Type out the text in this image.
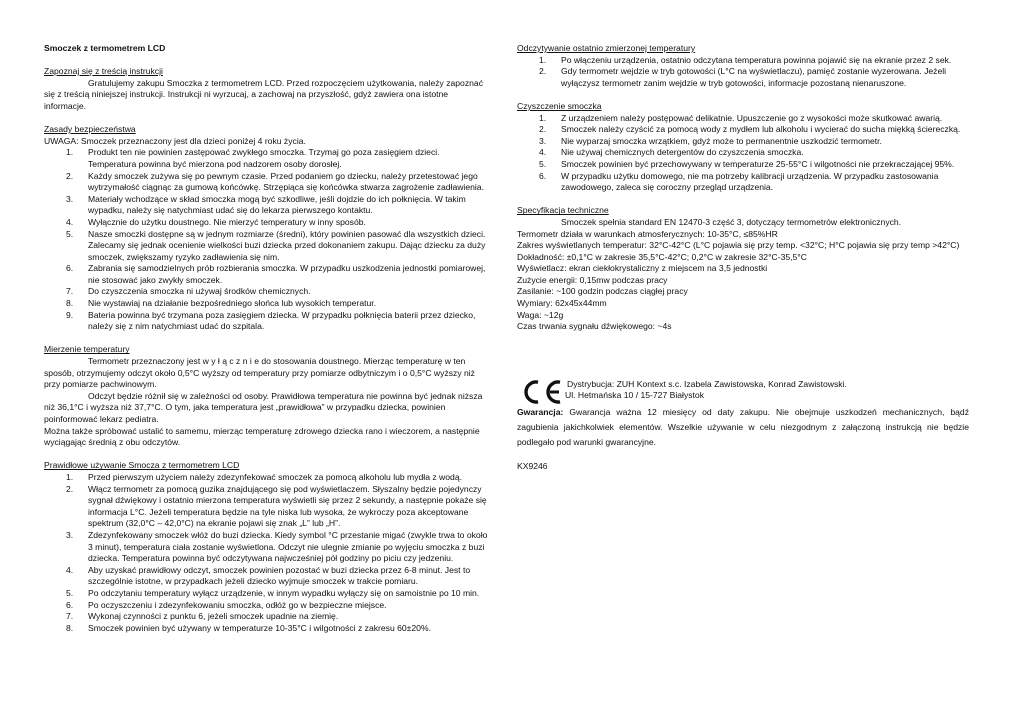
Smoczek z termometrem LCD

Zapoznaj się z treścią instrukcji

Gratulujemy zakupu Smoczka z termometrem LCD. Przed rozpoczęciem użytkowania, należy zapoznać się z treścią niniejszej instrukcji. Instrukcji ni wyrzucaj, a zachowaj na przyszłość, gdyż zawiera ona istotne informacje.

Zasady bezpieczeństwa

UWAGA: Smoczek przeznaczony jest dla dzieci poniżej 4 roku życia.

1. Produkt ten nie powinien zastępować zwykłego smoczka. Trzymaj go poza zasięgiem dzieci. Temperatura powinna być mierzona pod nadzorem osoby dorosłej.
2. Każdy smoczek zużywa się po pewnym czasie. Przed podaniem go dziecku, należy przetestować jego wytrzymałość ciągnąc za gumową końcówkę. Strzępiąca się końcówka stwarza zagrożenie zadławienia.
3. Materiały wchodzące w skład smoczka mogą być szkodliwe, jeśli dojdzie do ich połknięcia. W takim wypadku, należy się natychmiast udać się do lekarza pierwszego kontaktu.
4. Wyłącznie do użytku doustnego. Nie mierzyć temperatury w inny sposób.
5. Nasze smoczki dostępne są w jednym rozmiarze (średni), który powinien pasować dla wszystkich dzieci. Zalecamy się jednak ocenienie wielkości buzi dziecka przed dokonaniem zakupu. Dając dziecku za duży smoczek, zwiększamy ryzyko zadławienia się nim.
6. Zabrania się samodzielnych prób rozbierania smoczka. W przypadku uszkodzenia jednostki pomiarowej, nie stosować jako zwykły smoczek.
7. Do czyszczenia smoczka ni używaj środków chemicznych.
8. Nie wystawiaj na działanie bezpośredniego słońca lub wysokich temperatur.
9. Bateria powinna być trzymana poza zasięgiem dziecka. W przypadku połknięcia baterii przez dziecko, należy się z nim natychmiast udać do szpitala.

Mierzenie temperatury

Termometr przeznaczony jest w y ł ą c z n i e do stosowania doustnego. Mierząc temperaturę w ten sposób, otrzymujemy odczyt około 0,5°C wyższy od temperatury przy pomiarze odbytniczym i o 0,5°C wyższy niż przy pomiarze pachwinowym.

Odczyt będzie różnił się w zależności od osoby. Prawidłowa temperatura nie powinna być jednak niższa niż 36,1°C i wyższa niż 37,7°C. O tym, jaka temperatura jest „prawidłowa” w przypadku dziecka, powinien poinformować lekarz pediatra.

Można także spróbować ustalić to samemu, mierząc temperaturę zdrowego dziecka rano i wieczorem, a następnie wyciągając średnią z obu odczytów.

Prawidłowe używanie Smocza z termometrem LCD

1. Przed pierwszym użyciem należy zdezynfekować smoczek za pomocą alkoholu lub mydła z wodą.
2. Włącz termometr za pomocą guzika znajdującego się pod wyświetlaczem. Słyszalny będzie pojedynczy sygnał dźwiękowy i ostatnio mierzona temperatura wyświetli się przez 2 sekundy, a następnie pokaże się informacja L°C. Jeżeli temperatura będzie na tyle niska lub wysoka, że wykroczy poza akceptowane spektrum (32,0°C – 42,0°C) na ekranie pojawi się znak „L” lub „H”.
3. Zdezynfekowany smoczek włóż do buzi dziecka. Kiedy symbol °C przestanie migać (zwykle trwa to około 3 minut), temperatura ciała zostanie wyświetlona. Odczyt nie ulegnie zmianie po wyjęciu smoczka z buzi dziecka. Temperatura powinna być odczytywana najwcześniej pół godziny po piciu czy jedzeniu.
4. Aby uzyskać prawidłowy odczyt, smoczek powinien pozostać w buzi dziecka przez 6-8 minut. Jest to szczególnie istotne, w przypadkach jeżeli dziecko wyjmuje smoczek w trakcie pomiaru.
5. Po odczytaniu temperatury wyłącz urządzenie, w innym wypadku wyłączy się on samoistnie po 10 min.
6. Po oczyszczeniu i zdezynfekowaniu smoczka, odłóż go w bezpieczne miejsce.
7. Wykonaj czynności z punktu 6, jeżeli smoczek upadnie na ziemię.
8. Smoczek powinien być używany w temperaturze 10-35°C i wilgotności z zakresu 60±20%.

Odczytywanie ostatnio zmierzonej temperatury

1. Po włączeniu urządzenia, ostatnio odczytana temperatura powinna pojawić się na ekranie przez 2 sek.
2. Gdy termometr wejdzie w tryb gotowości (L°C na wyświetlaczu), pamięć zostanie wyzerowana. Jeżeli wyłączysz termometr zanim wejdzie w tryb gotowości, informacje pozostaną nienaruszone.

Czyszczenie smoczka

1. Z urządzeniem należy postępować delikatnie. Upuszczenie go z wysokości może skutkować awarią.
2. Smoczek należy czyścić za pomocą wody z mydłem lub alkoholu i wycierać do sucha miękką ściereczką.
3. Nie wyparzaj smoczka wrzątkiem, gdyż może to permanentnie uszkodzić termometr.
4. Nie używaj chemicznych detergentów do czyszczenia smoczka.
5. Smoczek powinien być przechowywany w temperaturze 25-55°C i wilgotności nie przekraczającej 95%.
6. W przypadku użytku domowego, nie ma potrzeby kalibracji urządzenia. W przypadku zastosowania zawodowego, zaleca się coroczny przegląd urządzenia.

Specyfikacja techniczne

Smoczek spełnia standard EN 12470-3 część 3, dotyczący termometrów elektronicznych.

Termometr działa w warunkach atmosferycznych: 10-35°C, ≤85%HR

Zakres wyświetlanych temperatur: 32°C-42°C (L°C pojawia się przy temp. <32°C; H°C pojawia się przy temp >42°C)

Dokładność: ±0,1°C w zakresie 35,5°C-42°C; 0,2°C w zakresie 32°C-35,5°C

Wyświetlacz: ekran ciekłokrystaliczny z miejscem na 3,5 jednostki

Zużycie energii: 0,15mw podczas pracy

Zasilanie: ~100 godzin podczas ciągłej pracy

Wymiary: 62x45x44mm

Waga: ~12g

Czas trwania sygnału dźwiękowego: ~4s

Dystrybucja: ZUH Kontext s.c. Izabela Zawistowska, Konrad Zawistowski.

Ul. Hetmańska 10 / 15-727 Białystok

Gwarancja: Gwarancja ważna 12 miesięcy od daty zakupu. Nie obejmuje uszkodzeń mechanicznych, bądź zagubienia jakichkolwiek elementów. Wszelkie używanie w celu niezgodnym z załączoną instrukcją nie będzie podlegało pod warunki gwarancyjne.

KX9246
